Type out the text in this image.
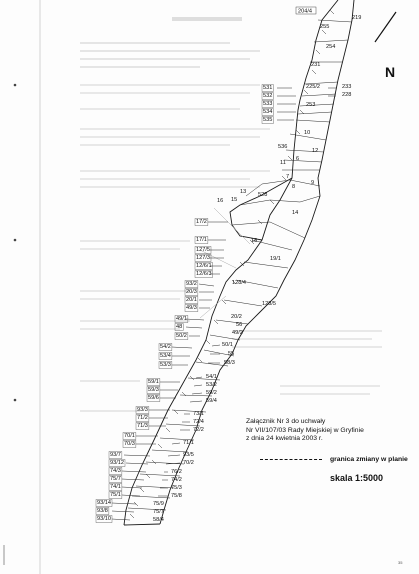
204/4
531
532
533
534
535
17/2
17/1
127/5
127/3
12/6/1
12/6/3
93/2
20/3
20/1
49/3
49/1
48
50/2
54/2
53/4
53/3
59/1
59/3
59/6
93/3
71/2
71/3
70/1
70/3
93/7
93/12
74/3
75/7
74/1
75/1
93/14
93/8
93/10
219
255
254
231
225/2	233
228
253
10
12
536
6
11
7
8
9
528
13
15
16
14
18
19/1
128/4
128/5
20/2
56
49/2
50/1
55
58/3
54/1
53/2
59/2
59/4
73/1
72/4
72/2
71/1
93/5
70/2
76/2
74/2
75/3
75/8
75/9
75/7
58/4
N
Załącznik Nr 3 do uchwały
Nr VII/107/03 Rady Miejskiej w Gryfinie
z dnia 24 kwietnia 2003 r.
granica zmiany w planie
skala 1:5000
35
